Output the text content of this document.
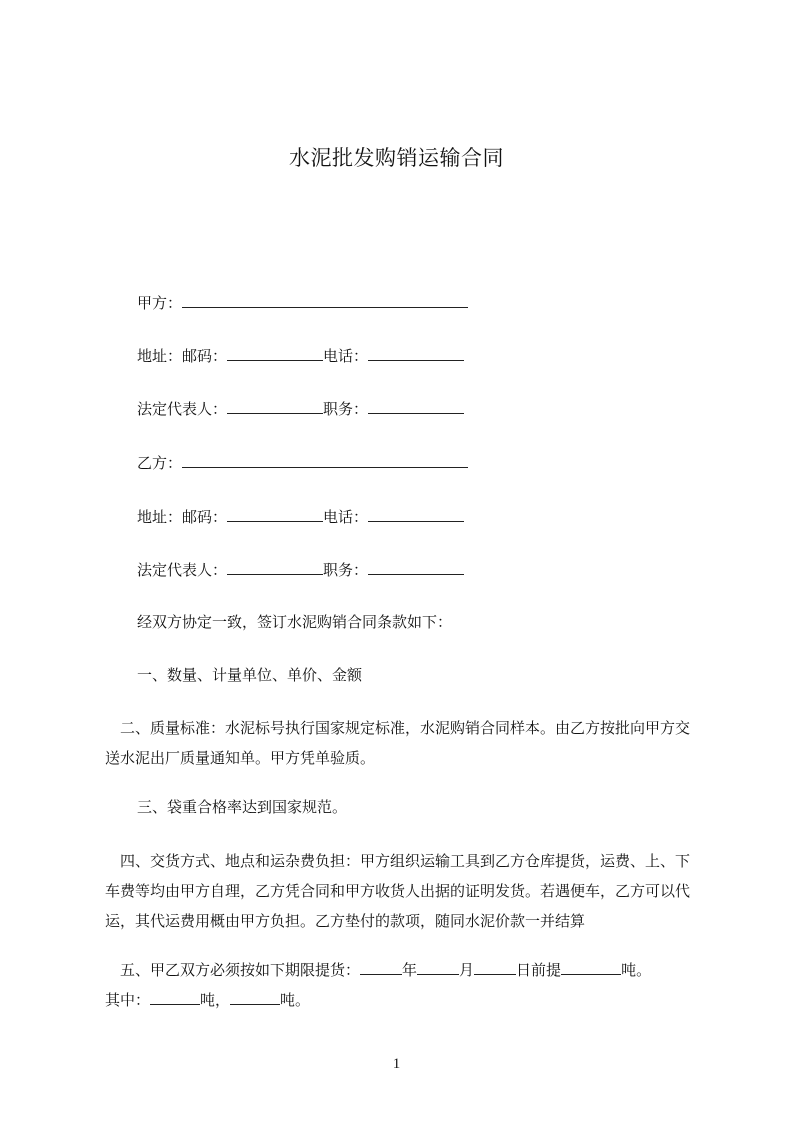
水泥批发购销运输合同
甲方：
地址：邮码：	电话：
法定代表人：	职务：
乙方：
地址：邮码：	电话：
法定代表人：	职务：
经双方协定一致，签订水泥购销合同条款如下：
一、数量、计量单位、单价、金额
　二、质量标准：水泥标号执行国家规定标准，水泥购销合同样本。由乙方按批向甲方交送水泥出厂质量通知单。甲方凭单验质。
三、袋重合格率达到国家规范。
　四、交货方式、地点和运杂费负担：甲方组织运输工具到乙方仓库提货，运费、上、下车费等均由甲方自理，乙方凭合同和甲方收货人出据的证明发货。若遇便车，乙方可以代运，其代运费用概由甲方负担。乙方垫付的款项，随同水泥价款一并结算
　五、甲乙双方必须按如下期限提货：	年	月	日前提	吨。
其中：	吨，	吨。
1
